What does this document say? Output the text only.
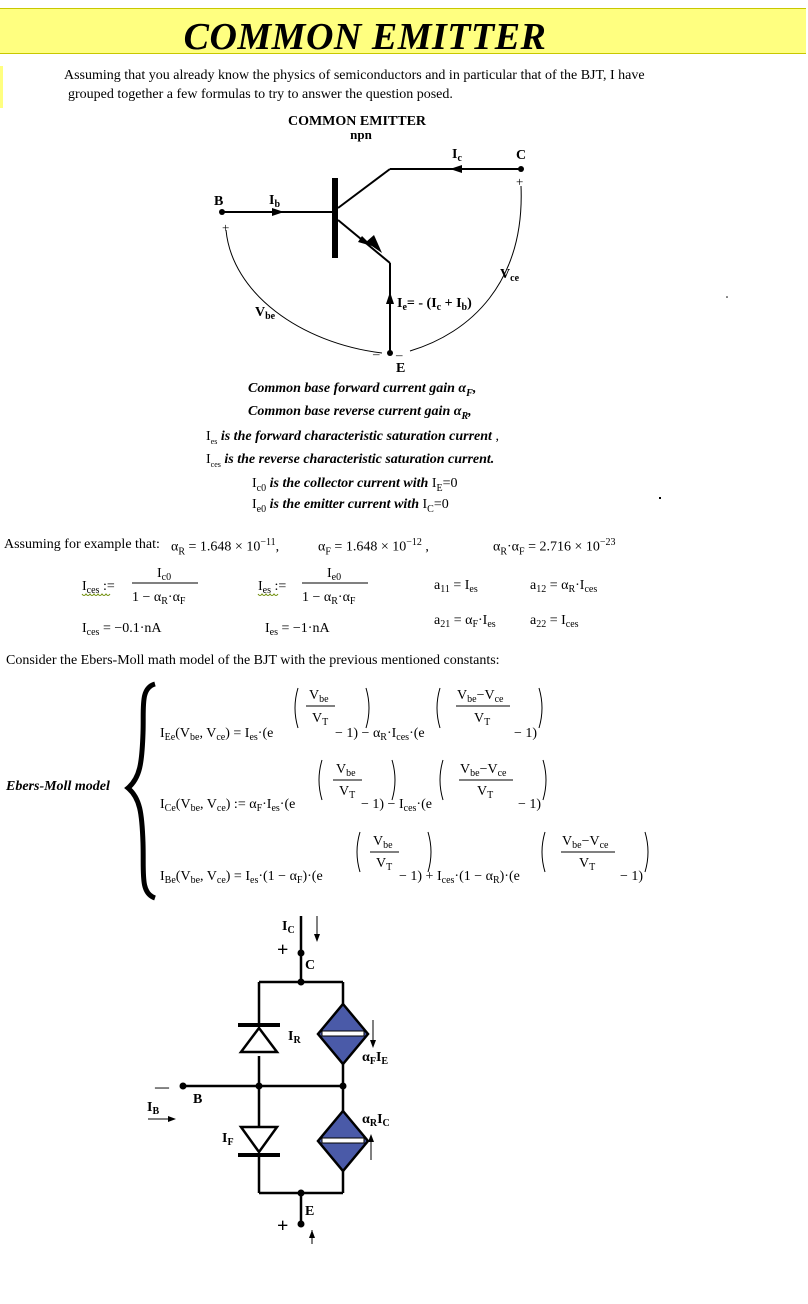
COMMON EMITTER
Assuming that you already know the physics of semiconductors and in particular that of the BJT, I have
grouped together a few formulas to try to answer the question posed.
COMMON EMITTER
npn
B
C
E
$I_b$
$I_c$
$I_e= - (I_c + I_b)$
$V_{be}$
$V_{ce}$
+
+
– –
Common base forward current gain $\alpha_F$,
Common base reverse current gain $\alpha_R$,
$I_{es}$ is the forward characteristic saturation current ,
$I_{ces}$ is the reverse characteristic saturation current.
$I_{c0}$ is the collector current with $I_E=0$
$I_{e0}$ is the emitter current with $I_C=0$
Assuming for example that: $\alpha_R = 1.648 \times 10^{-11}$,	$\alpha_F = 1.648 \times 10^{-12}$ ,	$\alpha_R\cdot\alpha_F = 2.716 \times 10^{-23}$
$I_{ces}$ :=
$I_{c0}$
$1 - \alpha_R\cdot\alpha_F$
$I_{ces} = -0.1\cdot nA$
$I_{es}$ :=
$I_{e0}$
$1 - \alpha_R\cdot\alpha_F$
$I_{es} = -1\cdot nA$
$a_{11} = I_{es}$	$a_{12} = \alpha_R\cdot I_{ces}$
$a_{21} = \alpha_F\cdot I_{es}$ $a_{22} = I_{ces}$
Consider the Ebers-Moll math model of the BJT with the previous mentioned constants:
Ebers-Moll model
$I_{Ee}(V_{be}$, $V_{ce}) = I_{es}\cdot(e$
$V_{be}$
$V_T$
− $1) - \alpha_R\cdot I_{ces}\cdot(e$
$V_{be}-V_{ce}$
$V_T$
− 1)
$I_{Ce}(V_{be}$, $V_{ce}$) := $\alpha_F\cdot I_{es}\cdot(e$
$V_{be}$
$V_T$
− $1) - I_{ces}\cdot(e$
$V_{be}-V_{ce}$
$V_T$
− 1)
$I_{Be}(V_{be}$, $V_{ce}) = I_{es}\cdot(1 - \alpha_F)\cdot(e$
$V_{be}$
$V_T$
− $1) + I_{ces}\cdot(1 - \alpha_R)\cdot(e$
$V_{be}-V_{ce}$
$V_T$
− 1)
$I_C$
+
C
$I_R$
$\alpha_FI_E$
—
B
$I_B$
$\alpha_RI_C$
$I_F$
E
+
